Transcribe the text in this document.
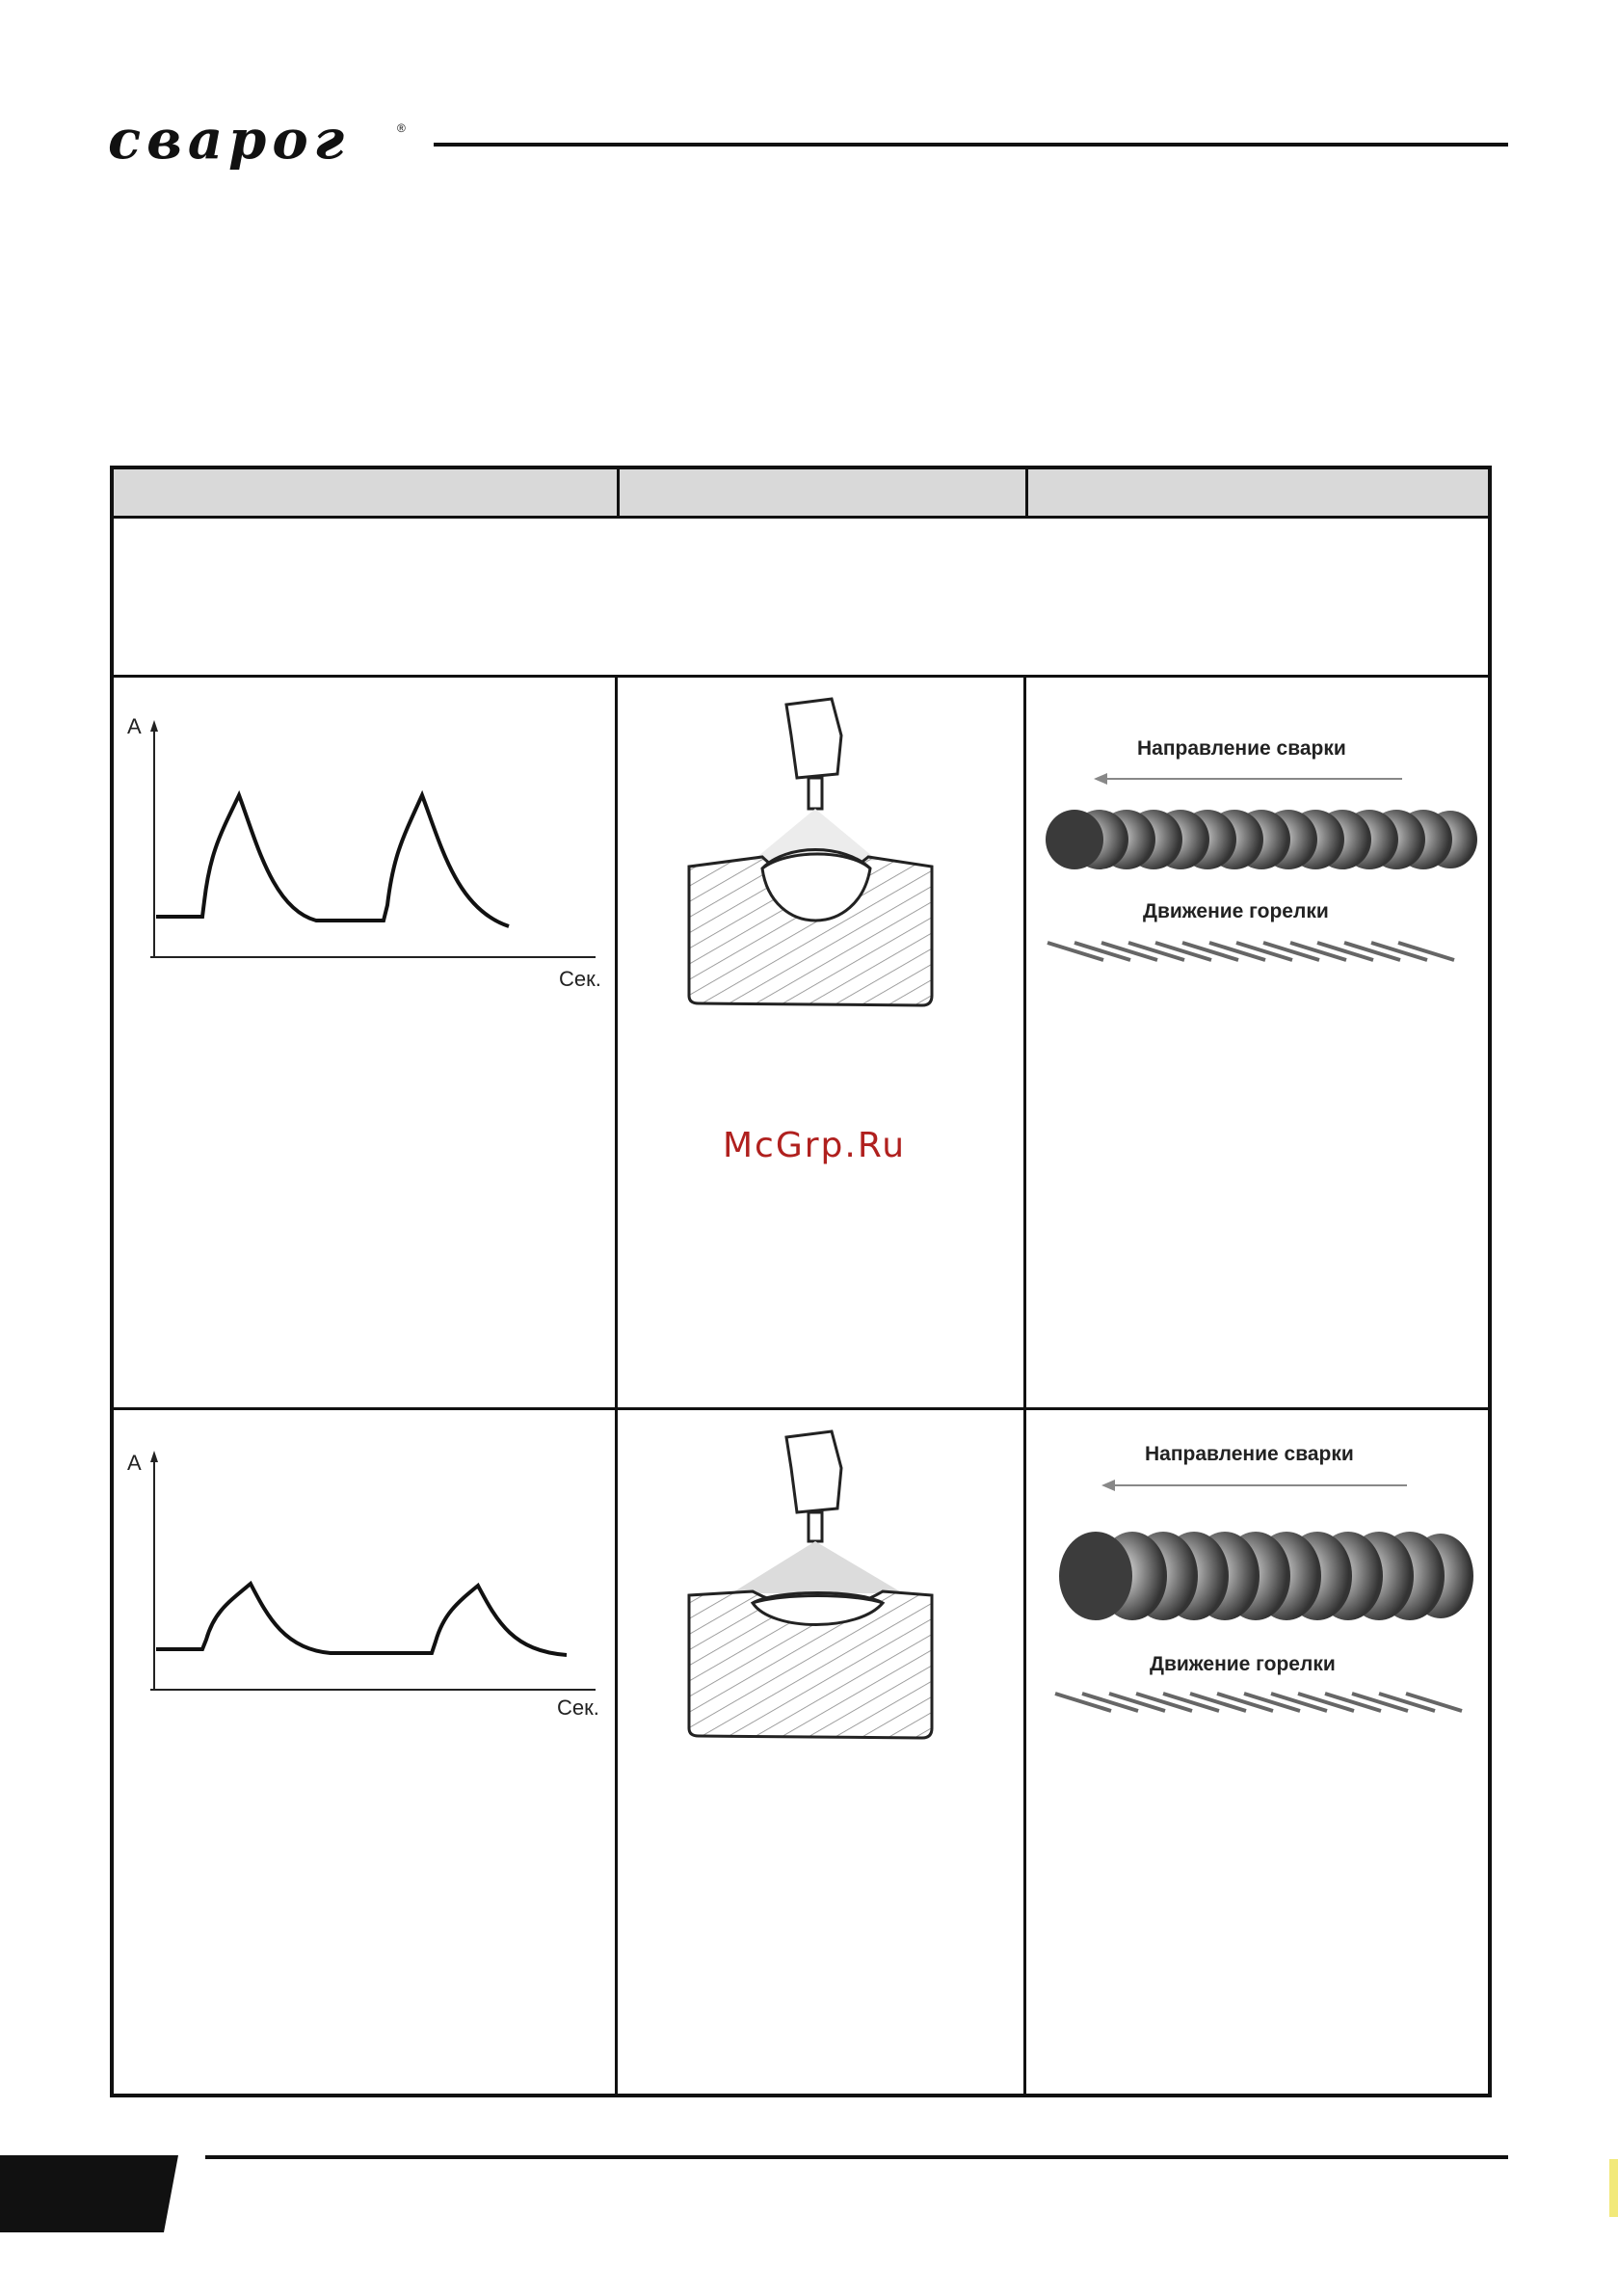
сварог	®
A
Сек.
Направление сварки
Движение горелки
McGrp.Ru
A
Сек.
Направление сварки
Движение горелки
